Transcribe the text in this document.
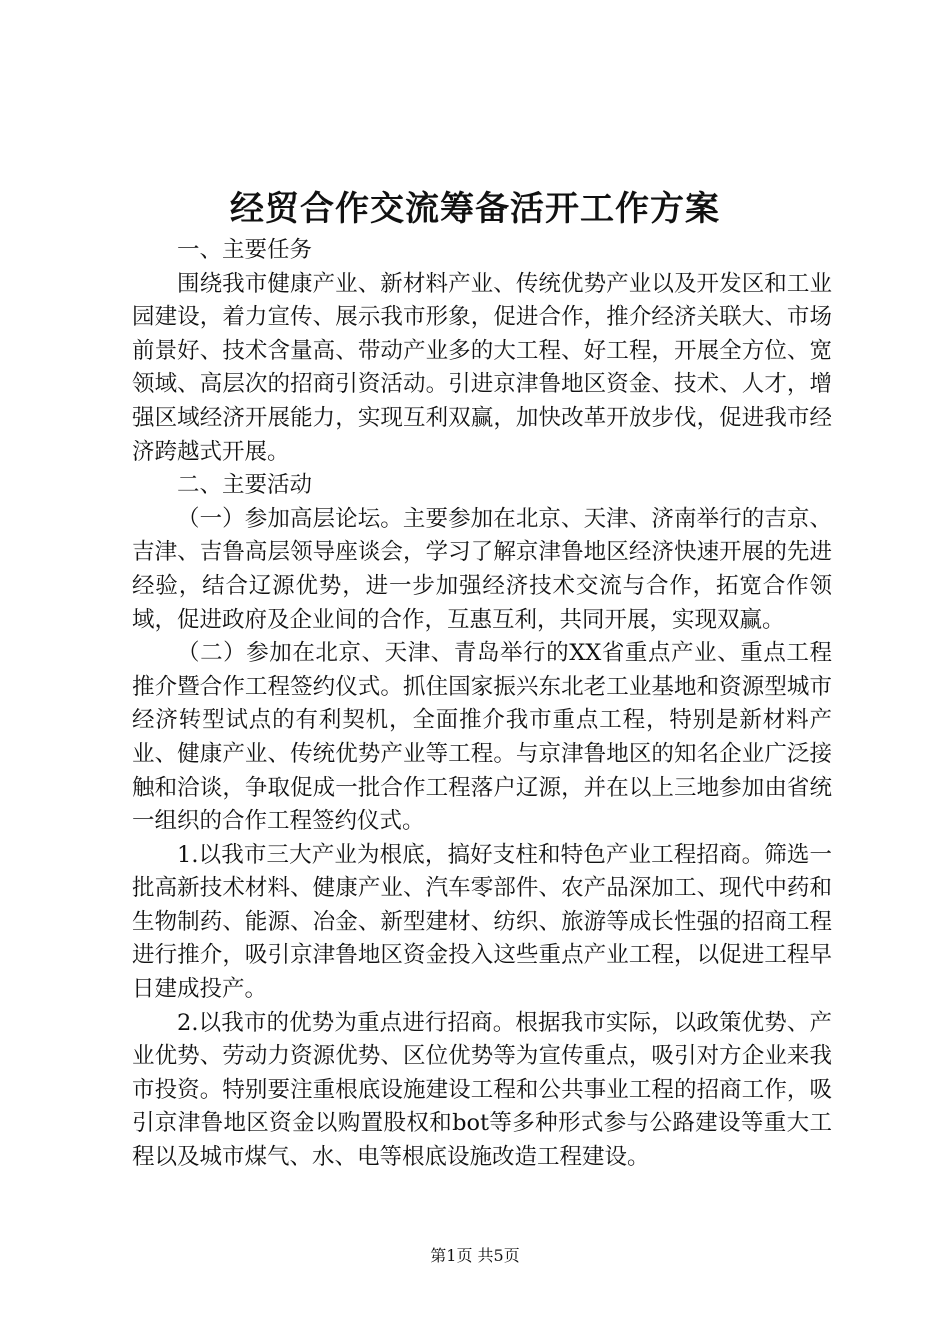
经贸合作交流筹备活开工作方案

一、主要任务

围绕我市健康产业、新材料产业、传统优势产业以及开发区和工业园建设，着力宣传、展示我市形象，促进合作，推介经济关联大、市场前景好、技术含量高、带动产业多的大工程、好工程，开展全方位、宽领域、高层次的招商引资活动。引进京津鲁地区资金、技术、人才，增强区域经济开展能力，实现互利双赢，加快改革开放步伐，促进我市经济跨越式开展。

二、主要活动

（一）参加高层论坛。主要参加在北京、天津、济南举行的吉京、吉津、吉鲁高层领导座谈会，学习了解京津鲁地区经济快速开展的先进经验，结合辽源优势，进一步加强经济技术交流与合作，拓宽合作领域，促进政府及企业间的合作，互惠互利，共同开展，实现双赢。

（二）参加在北京、天津、青岛举行的XX省重点产业、重点工程推介暨合作工程签约仪式。抓住国家振兴东北老工业基地和资源型城市经济转型试点的有利契机，全面推介我市重点工程，特别是新材料产业、健康产业、传统优势产业等工程。与京津鲁地区的知名企业广泛接触和洽谈，争取促成一批合作工程落户辽源，并在以上三地参加由省统一组织的合作工程签约仪式。

1.以我市三大产业为根底，搞好支柱和特色产业工程招商。筛选一批高新技术材料、健康产业、汽车零部件、农产品深加工、现代中药和生物制药、能源、冶金、新型建材、纺织、旅游等成长性强的招商工程进行推介，吸引京津鲁地区资金投入这些重点产业工程，以促进工程早日建成投产。

2.以我市的优势为重点进行招商。根据我市实际，以政策优势、产业优势、劳动力资源优势、区位优势等为宣传重点，吸引对方企业来我市投资。特别要注重根底设施建设工程和公共事业工程的招商工作，吸引京津鲁地区资金以购置股权和bot等多种形式参与公路建设等重大工程以及城市煤气、水、电等根底设施改造工程建设。

第1页 共5页
